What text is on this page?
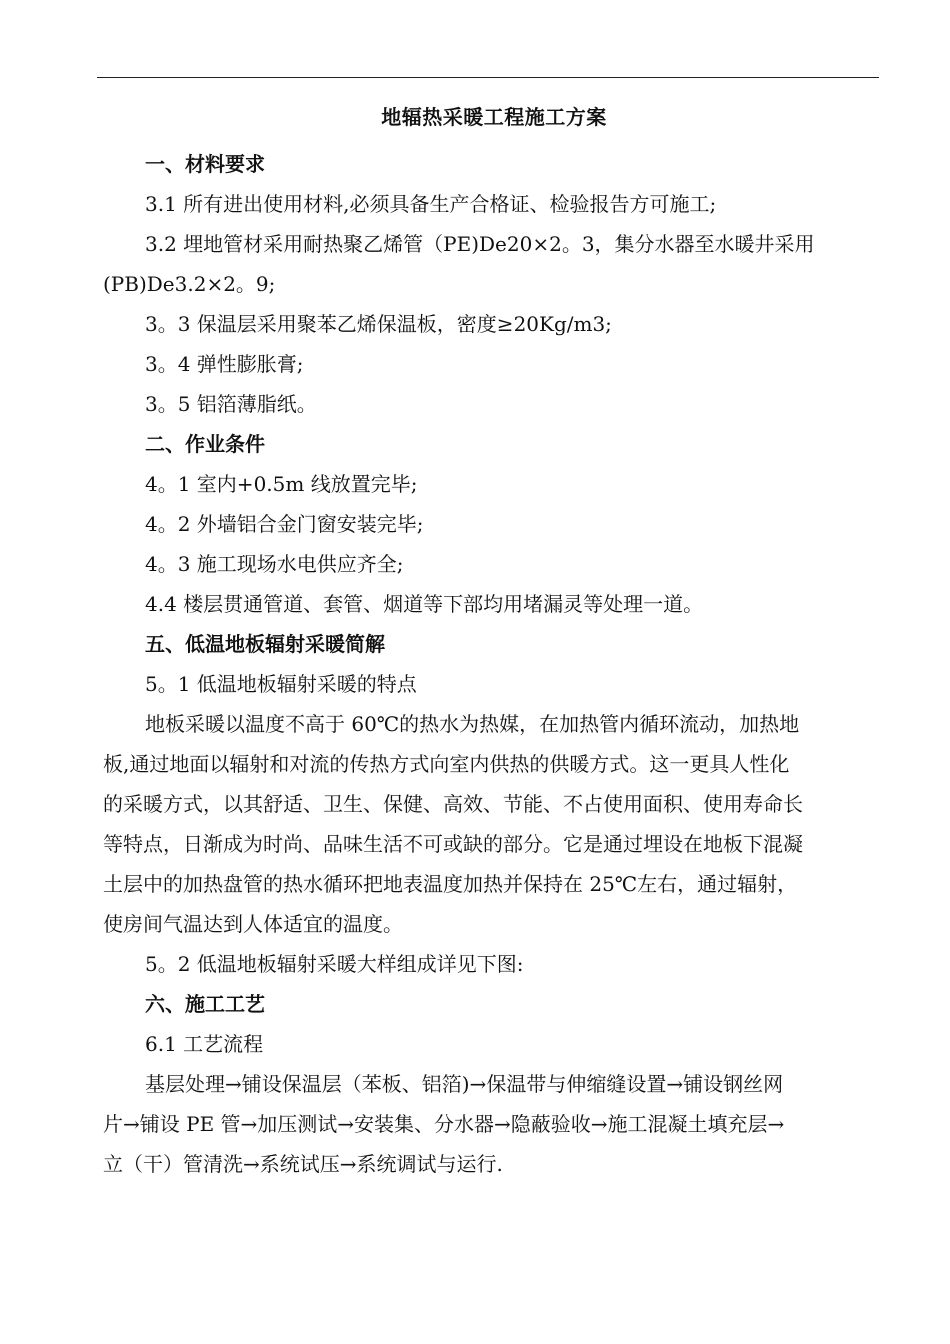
地辐热采暖工程施工方案

一、材料要求

3.1 所有进出使用材料,必须具备生产合格证、检验报告方可施工;

3.2 埋地管材采用耐热聚乙烯管（PE)De20×2。3，集分水器至水暖井采用

(PB)De3.2×2。9;

3。3 保温层采用聚苯乙烯保温板，密度≥20Kg/m3;

3。4 弹性膨胀膏;

3。5 铝箔薄脂纸。

二、作业条件

4。1 室内+0.5m 线放置完毕;

4。2 外墙铝合金门窗安装完毕;

4。3 施工现场水电供应齐全;

4.4 楼层贯通管道、套管、烟道等下部均用堵漏灵等处理一道。

五、低温地板辐射采暖简解

5。1 低温地板辐射采暖的特点

地板采暖以温度不高于 60℃的热水为热媒，在加热管内循环流动，加热地

板,通过地面以辐射和对流的传热方式向室内供热的供暖方式。这一更具人性化

的采暖方式，以其舒适、卫生、保健、高效、节能、不占使用面积、使用寿命长

等特点，日渐成为时尚、品味生活不可或缺的部分。它是通过埋设在地板下混凝

土层中的加热盘管的热水循环把地表温度加热并保持在 25℃左右，通过辐射，

使房间气温达到人体适宜的温度。

5。2 低温地板辐射采暖大样组成详见下图:

六、施工工艺

6.1 工艺流程

基层处理→铺设保温层（苯板、铝箔)→保温带与伸缩缝设置→铺设钢丝网

片→铺设 PE 管→加压测试→安装集、分水器→隐蔽验收→施工混凝土填充层→

立（干）管清洗→系统试压→系统调试与运行.
